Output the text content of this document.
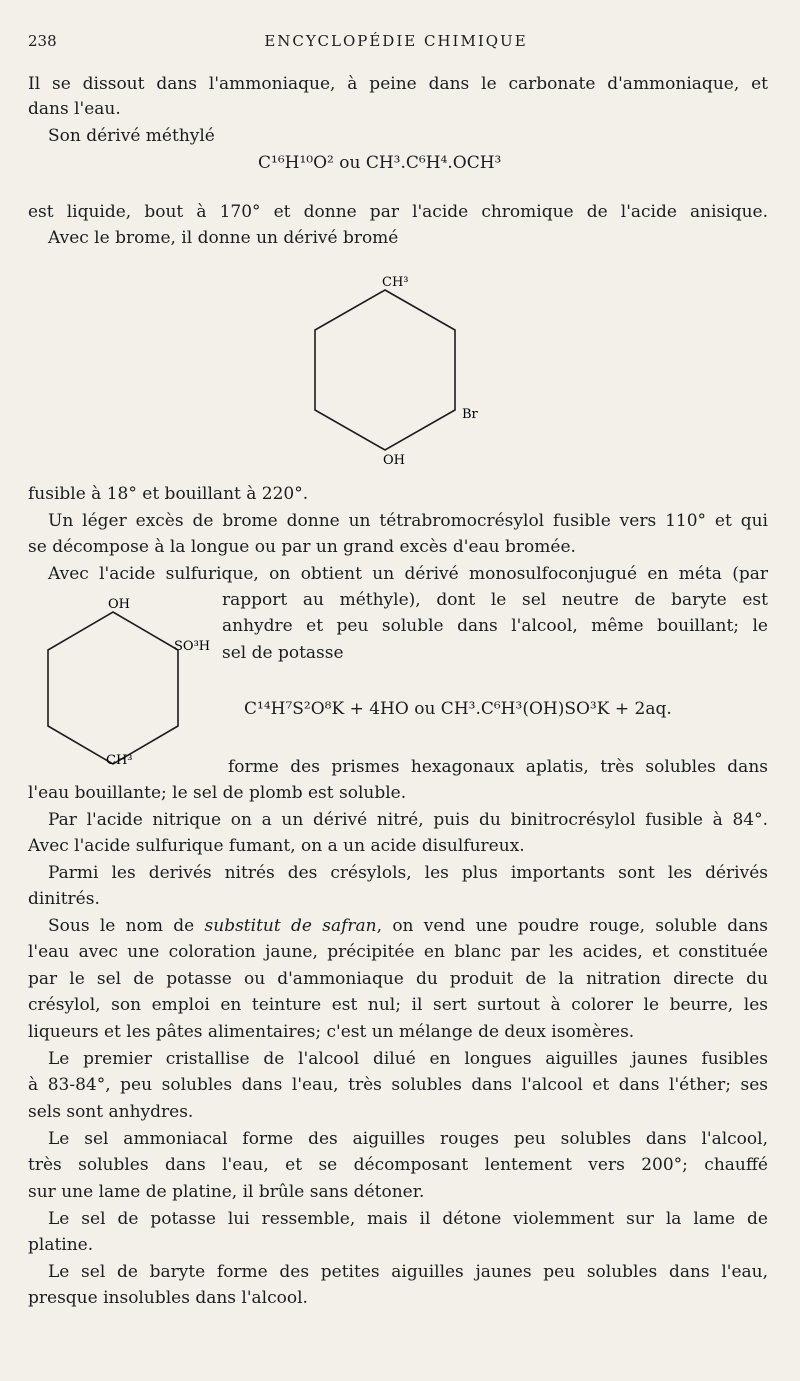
238	ENCYCLOPÉDIE CHIMIQUE
Il se dissout dans l'ammoniaque, à peine dans le carbonate d'ammoniaque, et
dans l'eau.
Son dérivé méthylé
C¹⁶H¹⁰O² ou CH³.C⁶H⁴.OCH³
est liquide, bout à 170° et donne par l'acide chromique de l'acide anisique.
Avec le brome, il donne un dérivé bromé
CH³
Br
OH
fusible à 18° et bouillant à 220°.
Un léger excès de brome donne un tétrabromocrésylol fusible vers 110° et qui
se décompose à la longue ou par un grand excès d'eau bromée.
Avec l'acide sulfurique, on obtient un dérivé monosulfoconjugué en méta (par
OH
SO³H
CH³
rapport au méthyle), dont le sel neutre de baryte est
anhydre et peu soluble dans l'alcool, même bouillant; le
sel de potasse
C¹⁴H⁷S²O⁸K + 4HO ou CH³.C⁶H³(OH)SO³K + 2aq.
forme des prismes hexagonaux aplatis, très solubles dans
l'eau bouillante; le sel de plomb est soluble.
Par l'acide nitrique on a un dérivé nitré, puis du binitrocrésylol fusible à 84°.
Avec l'acide sulfurique fumant, on a un acide disulfureux.
Parmi les derivés nitrés des crésylols, les plus importants sont les dérivés
dinitrés.
Sous le nom de substitut de safran, on vend une poudre rouge, soluble dans
l'eau avec une coloration jaune, précipitée en blanc par les acides, et constituée
par le sel de potasse ou d'ammoniaque du produit de la nitration directe du
crésylol, son emploi en teinture est nul; il sert surtout à colorer le beurre, les
liqueurs et les pâtes alimentaires; c'est un mélange de deux isomères.
Le premier cristallise de l'alcool dilué en longues aiguilles jaunes fusibles
à 83-84°, peu solubles dans l'eau, très solubles dans l'alcool et dans l'éther; ses
sels sont anhydres.
Le sel ammoniacal forme des aiguilles rouges peu solubles dans l'alcool,
très solubles dans l'eau, et se décomposant lentement vers 200°; chauffé
sur une lame de platine, il brûle sans détoner.
Le sel de potasse lui ressemble, mais il détone violemment sur la lame de
platine.
Le sel de baryte forme des petites aiguilles jaunes peu solubles dans l'eau,
presque insolubles dans l'alcool.
